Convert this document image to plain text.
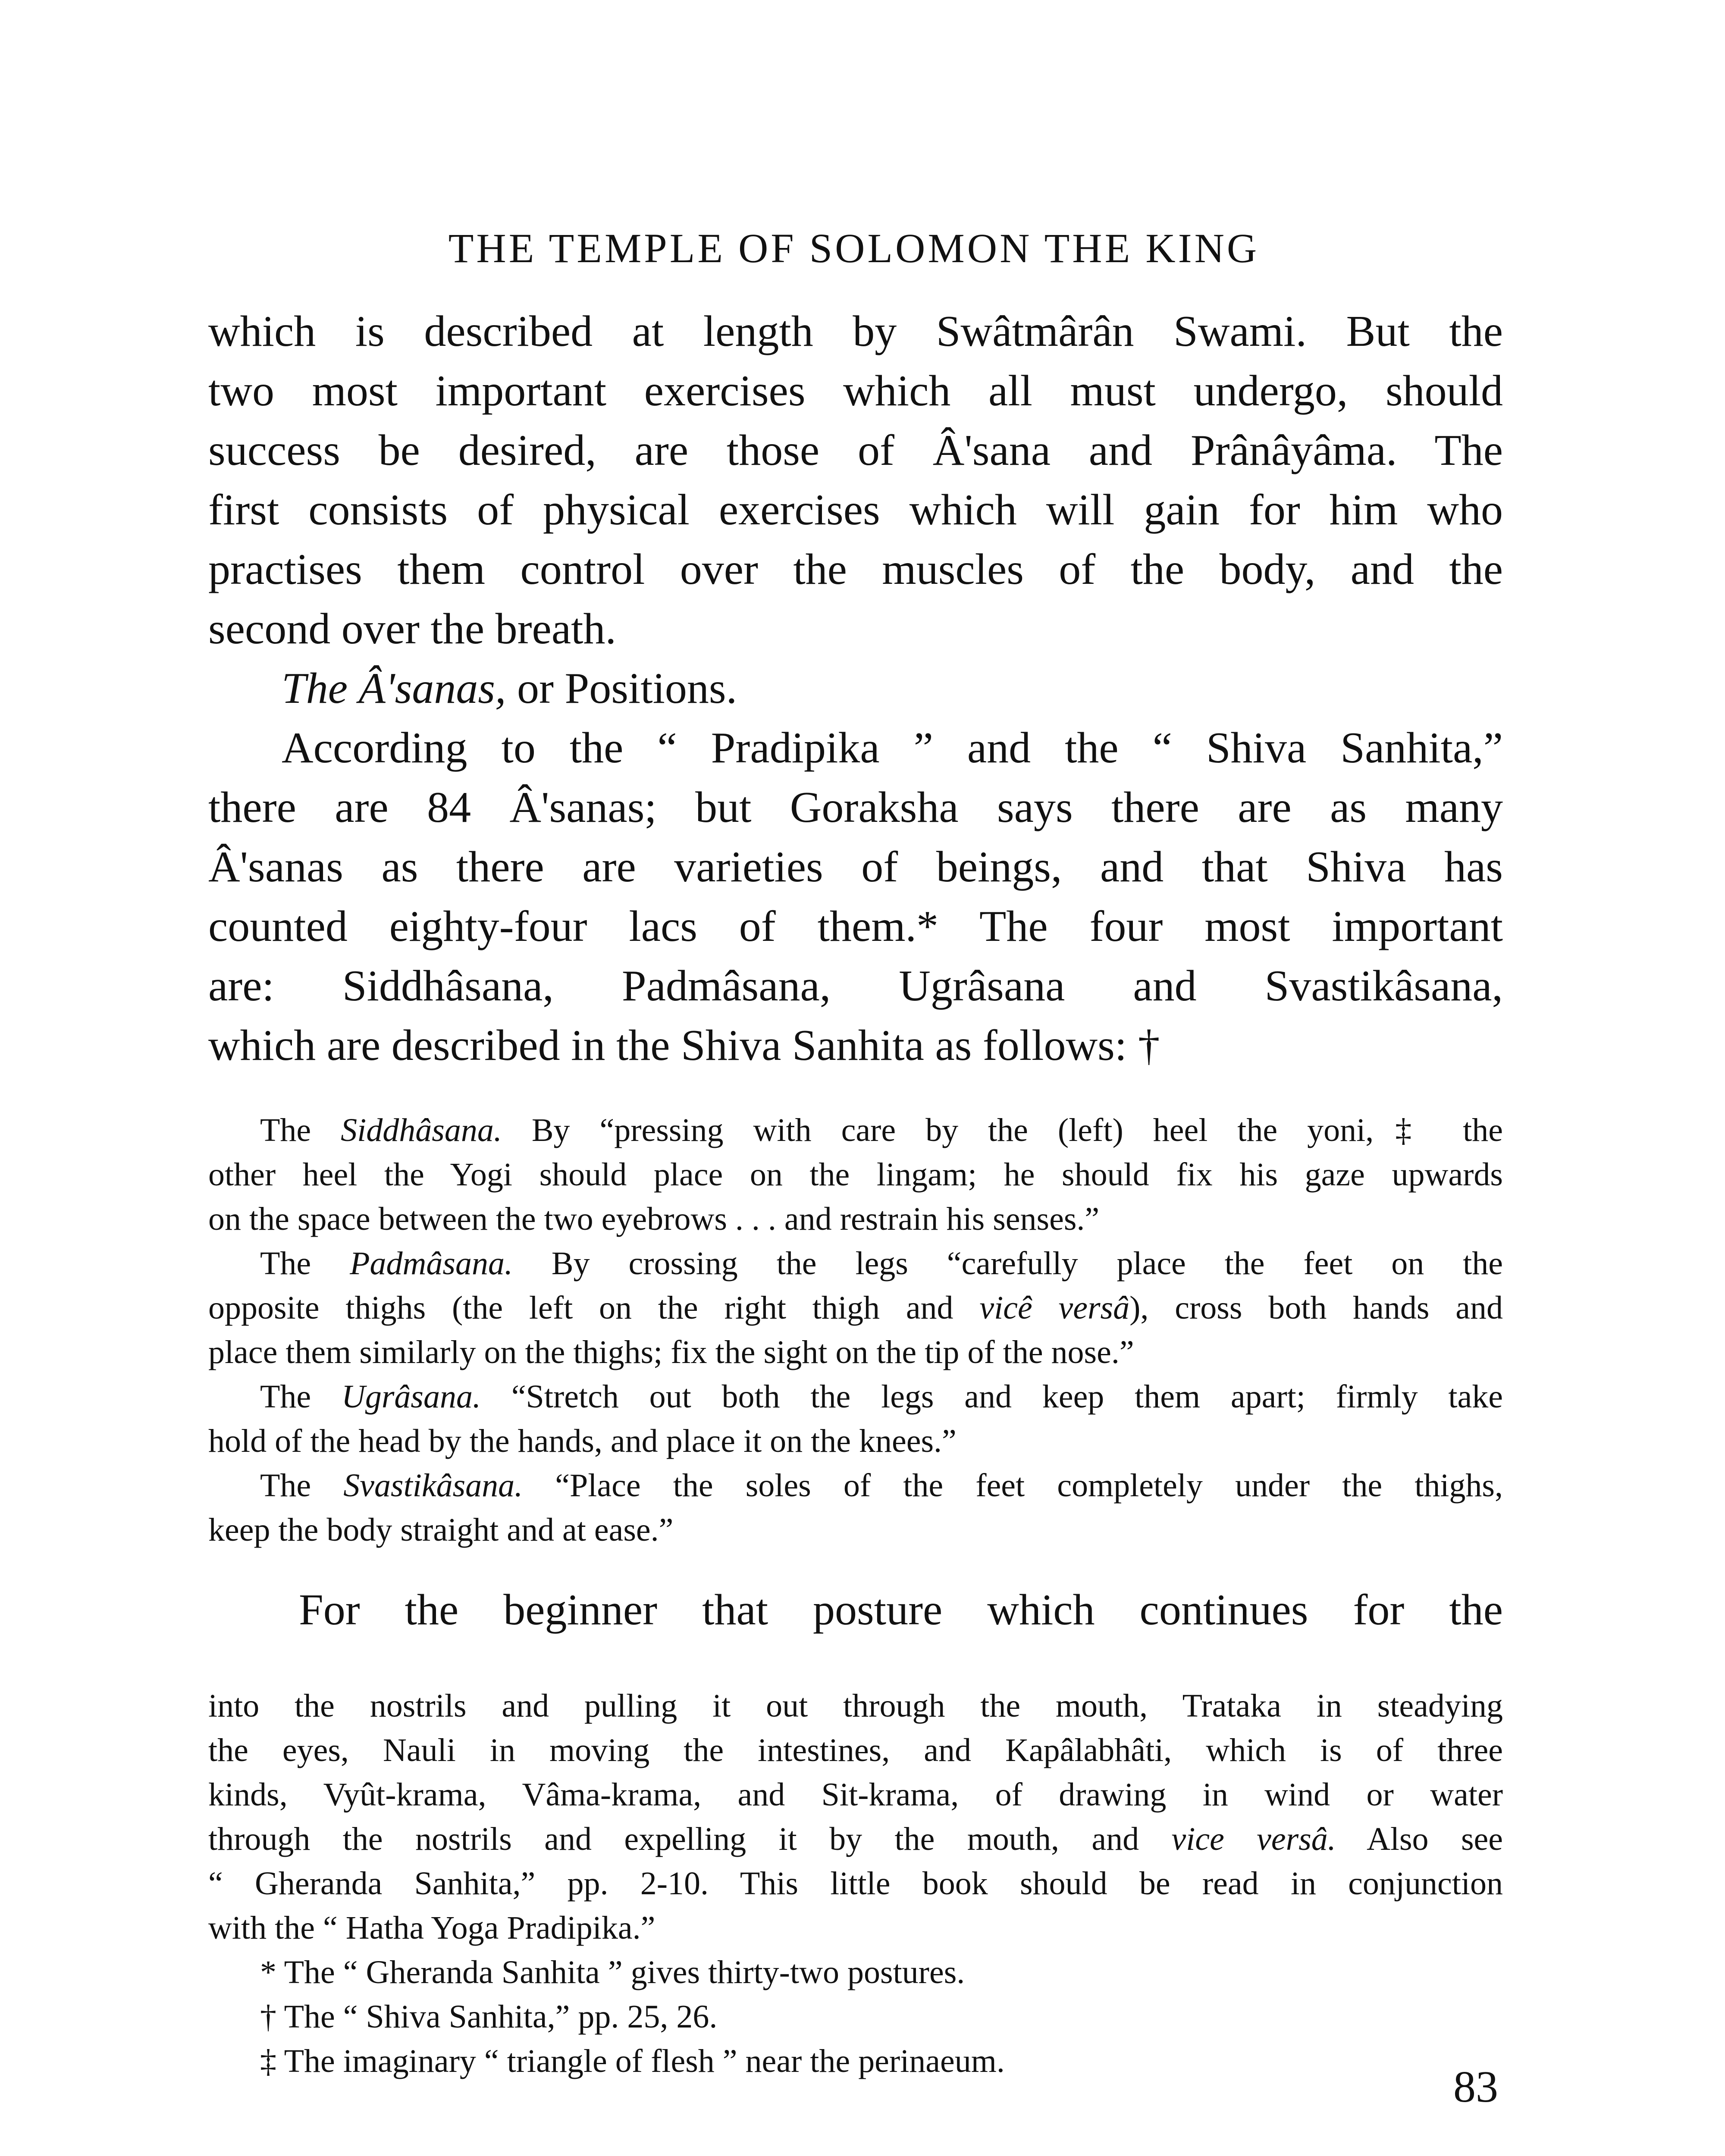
THE TEMPLE OF SOLOMON THE KING
which is described at length by Swâtmârân Swami. But the
two most important exercises which all must undergo, should
success be desired, are those of Â'sana and Prânâyâma. The
first consists of physical exercises which will gain for him who
practises them control over the muscles of the body, and the
second over the breath.
The Â'sanas, or Positions.
According to the “ Pradipika ” and the “ Shiva Sanhita,”
there are 84 Â'sanas; but Goraksha says there are as many
Â'sanas as there are varieties of beings, and that Shiva has
counted eighty-four lacs of them.* The four most important
are: Siddhâsana, Padmâsana, Ugrâsana and Svastikâsana,
which are described in the Shiva Sanhita as follows: †
The Siddhâsana. By “pressing with care by the (left) heel the yoni,‡ the
other heel the Yogi should place on the lingam; he should fix his gaze upwards
on the space between the two eyebrows . . . and restrain his senses.”
The Padmâsana. By crossing the legs “carefully place the feet on the
opposite thighs (the left on the right thigh and vicê versâ), cross both hands and
place them similarly on the thighs; fix the sight on the tip of the nose.”
The Ugrâsana. “Stretch out both the legs and keep them apart; firmly take
hold of the head by the hands, and place it on the knees.”
The Svastikâsana. “Place the soles of the feet completely under the thighs,
keep the body straight and at ease.”
For the beginner that posture which continues for the
into the nostrils and pulling it out through the mouth, Trataka in steadying
the eyes, Nauli in moving the intestines, and Kapâlabhâti, which is of three
kinds, Vyût-krama, Vâma-krama, and Sit-krama, of drawing in wind or water
through the nostrils and expelling it by the mouth, and vice versâ. Also see
“ Gheranda Sanhita,” pp. 2-10. This little book should be read in conjunction
with the “ Hatha Yoga Pradipika.”
* The “ Gheranda Sanhita ” gives thirty-two postures.
† The “ Shiva Sanhita,” pp. 25, 26.
‡ The imaginary “ triangle of flesh ” near the perinaeum.
83
